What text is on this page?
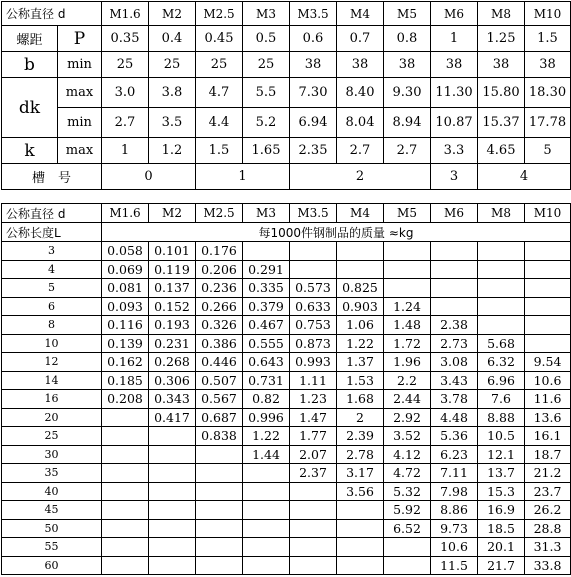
公称直径 d		M1.6	M2	M2.5	M3	M3.5	M4	M5	M6	M8	M10
螺距	P	0.35	0.4	0.45	0.5	0.6	0.7	0.8	1	1.25	1.5
b	min	25	25	25	25	38	38	38	38	38	38
dk	max	3.0	3.8	4.7	5.5	7.30	8.40	9.30	11.30	15.80	18.30
	min	2.7	3.5	4.4	5.2	6.94	8.04	8.94	10.87	15.37	17.78
k	max	1	1.2	1.5	1.65	2.35	2.7	2.7	3.3	4.65	5
槽　号		0		1		2			3	4	
公称直径 d	M1.6	M2	M2.5	M3	M3.5	M4	M5	M6	M8	M10
公称长度L	每1000件钢制品的质量 ≈kg									
3	0.058	0.101	0.176							
4	0.069	0.119	0.206	0.291						
5	0.081	0.137	0.236	0.335	0.573	0.825				
6	0.093	0.152	0.266	0.379	0.633	0.903	1.24			
8	0.116	0.193	0.326	0.467	0.753	1.06	1.48	2.38		
10	0.139	0.231	0.386	0.555	0.873	1.22	1.72	2.73	5.68	
12	0.162	0.268	0.446	0.643	0.993	1.37	1.96	3.08	6.32	9.54
14	0.185	0.306	0.507	0.731	1.11	1.53	2.2	3.43	6.96	10.6
16	0.208	0.343	0.567	0.82	1.23	1.68	2.44	3.78	7.6	11.6
20		0.417	0.687	0.996	1.47	2	2.92	4.48	8.88	13.6
25			0.838	1.22	1.77	2.39	3.52	5.36	10.5	16.1
30				1.44	2.07	2.78	4.12	6.23	12.1	18.7
35					2.37	3.17	4.72	7.11	13.7	21.2
40						3.56	5.32	7.98	15.3	23.7
45							5.92	8.86	16.9	26.2
50							6.52	9.73	18.5	28.8
55								10.6	20.1	31.3
60								11.5	21.7	33.8
